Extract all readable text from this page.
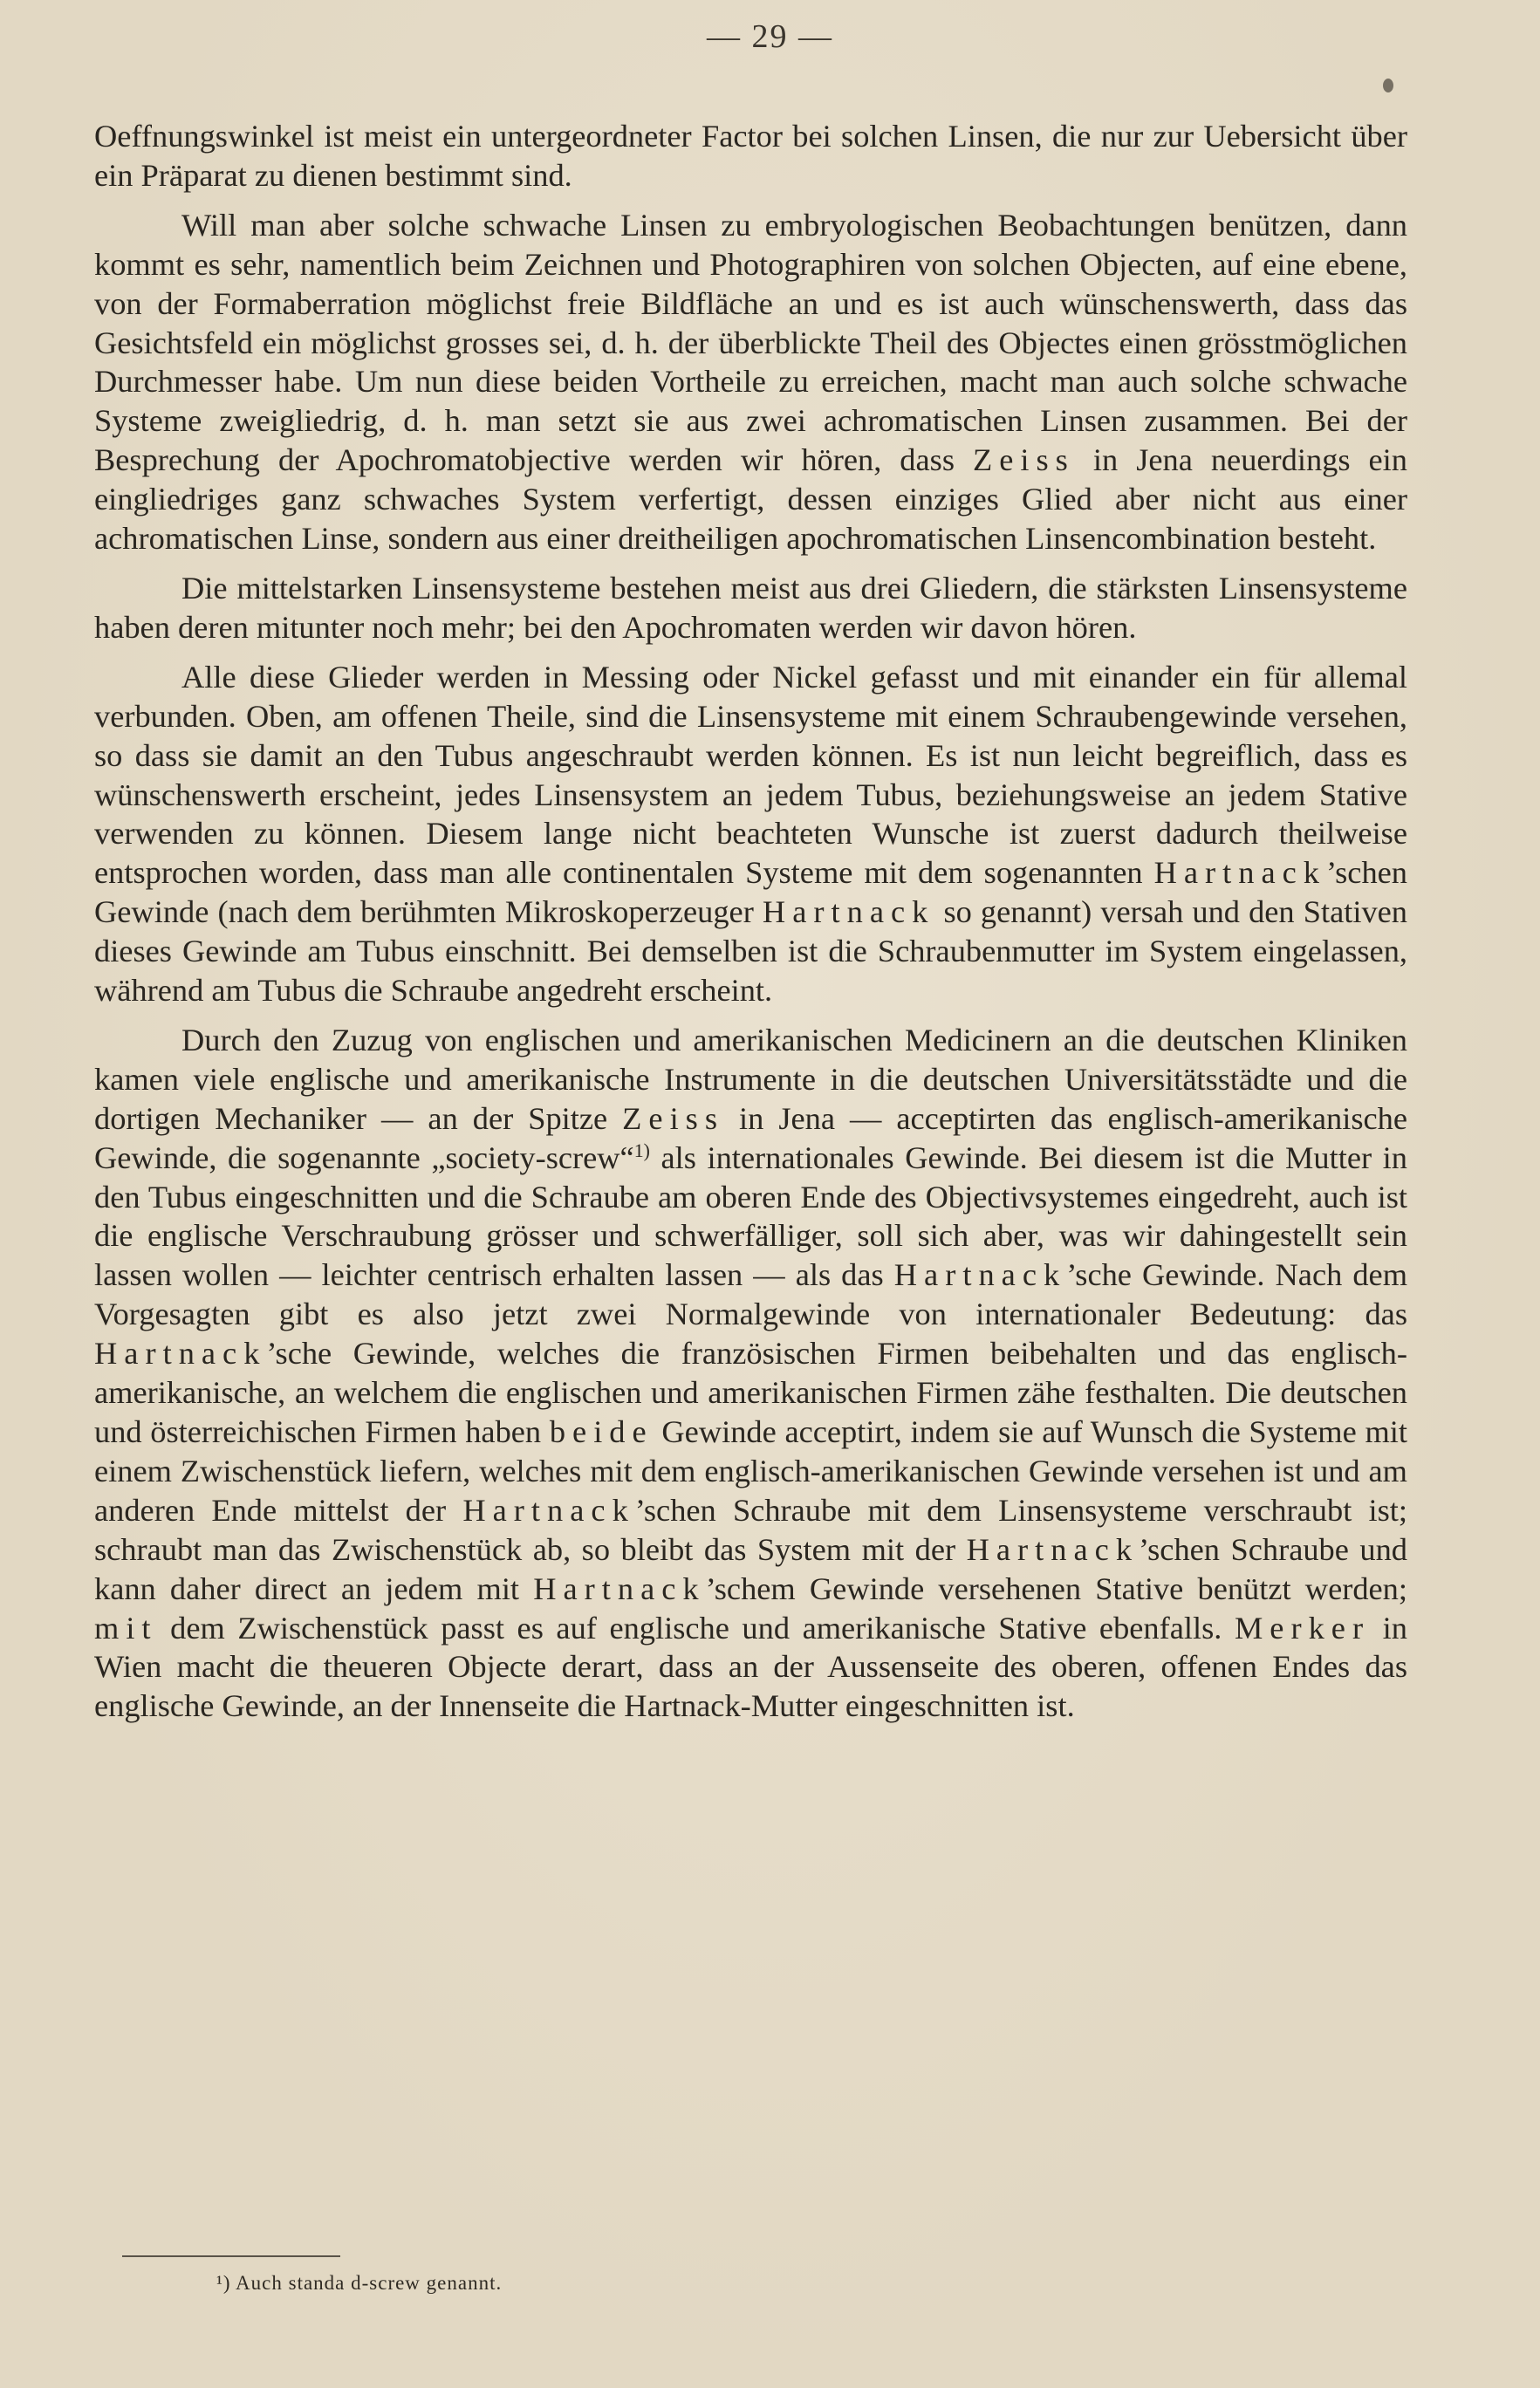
— 29 —

Oeffnungswinkel ist meist ein untergeordneter Factor bei solchen Linsen, die nur zur Uebersicht über ein Präparat zu dienen bestimmt sind.

Will man aber solche schwache Linsen zu embryologischen Beobachtungen benützen, dann kommt es sehr, namentlich beim Zeichnen und Photographiren von solchen Objecten, auf eine ebene, von der Formaberration möglichst freie Bildfläche an und es ist auch wünschenswerth, dass das Gesichtsfeld ein möglichst grosses sei, d. h. der überblickte Theil des Objectes einen grösstmöglichen Durchmesser habe. Um nun diese beiden Vortheile zu erreichen, macht man auch solche schwache Systeme zweigliedrig, d. h. man setzt sie aus zwei achromatischen Linsen zusammen. Bei der Besprechung der Apochromatobjective werden wir hören, dass Zeiss in Jena neuerdings ein eingliedriges ganz schwaches System verfertigt, dessen einziges Glied aber nicht aus einer achromatischen Linse, sondern aus einer dreitheiligen apochromatischen Linsencombination besteht.

Die mittelstarken Linsensysteme bestehen meist aus drei Gliedern, die stärksten Linsensysteme haben deren mitunter noch mehr; bei den Apochromaten werden wir davon hören.

Alle diese Glieder werden in Messing oder Nickel gefasst und mit einander ein für allemal verbunden. Oben, am offenen Theile, sind die Linsensysteme mit einem Schraubengewinde versehen, so dass sie damit an den Tubus angeschraubt werden können. Es ist nun leicht begreiflich, dass es wünschenswerth erscheint, jedes Linsensystem an jedem Tubus, beziehungsweise an jedem Stative verwenden zu können. Diesem lange nicht beachteten Wunsche ist zuerst dadurch theilweise entsprochen worden, dass man alle continentalen Systeme mit dem sogenannten Hartnack’schen Gewinde (nach dem berühmten Mikroskoperzeuger Hartnack so genannt) versah und den Stativen dieses Gewinde am Tubus einschnitt. Bei demselben ist die Schraubenmutter im System eingelassen, während am Tubus die Schraube angedreht erscheint.

Durch den Zuzug von englischen und amerikanischen Medicinern an die deutschen Kliniken kamen viele englische und amerikanische Instrumente in die deutschen Universitätsstädte und die dortigen Mechaniker — an der Spitze Zeiss in Jena — acceptirten das englisch-amerikanische Gewinde, die sogenannte „society-screw“$^{1)}$ als internationales Gewinde. Bei diesem ist die Mutter in den Tubus eingeschnitten und die Schraube am oberen Ende des Objectivsystemes eingedreht, auch ist die englische Verschraubung grösser und schwerfälliger, soll sich aber, was wir dahingestellt sein lassen wollen — leichter centrisch erhalten lassen — als das Hartnack’sche Gewinde. Nach dem Vorgesagten gibt es also jetzt zwei Normalgewinde von internationaler Bedeutung: das Hartnack’sche Gewinde, welches die französischen Firmen beibehalten und das englisch-amerikanische, an welchem die englischen und amerikanischen Firmen zähe festhalten. Die deutschen und österreichischen Firmen haben beide Gewinde acceptirt, indem sie auf Wunsch die Systeme mit einem Zwischenstück liefern, welches mit dem englisch-amerikanischen Gewinde versehen ist und am anderen Ende mittelst der Hartnack’schen Schraube mit dem Linsensysteme verschraubt ist; schraubt man das Zwischenstück ab, so bleibt das System mit der Hartnack’schen Schraube und kann daher direct an jedem mit Hartnack’schem Gewinde versehenen Stative benützt werden; mit dem Zwischenstück passt es auf englische und amerikanische Stative ebenfalls. Merker in Wien macht die theueren Objecte derart, dass an der Aussenseite des oberen, offenen Endes das englische Gewinde, an der Innenseite die Hartnack-Mutter eingeschnitten ist.

¹) Auch standa d-screw genannt.
